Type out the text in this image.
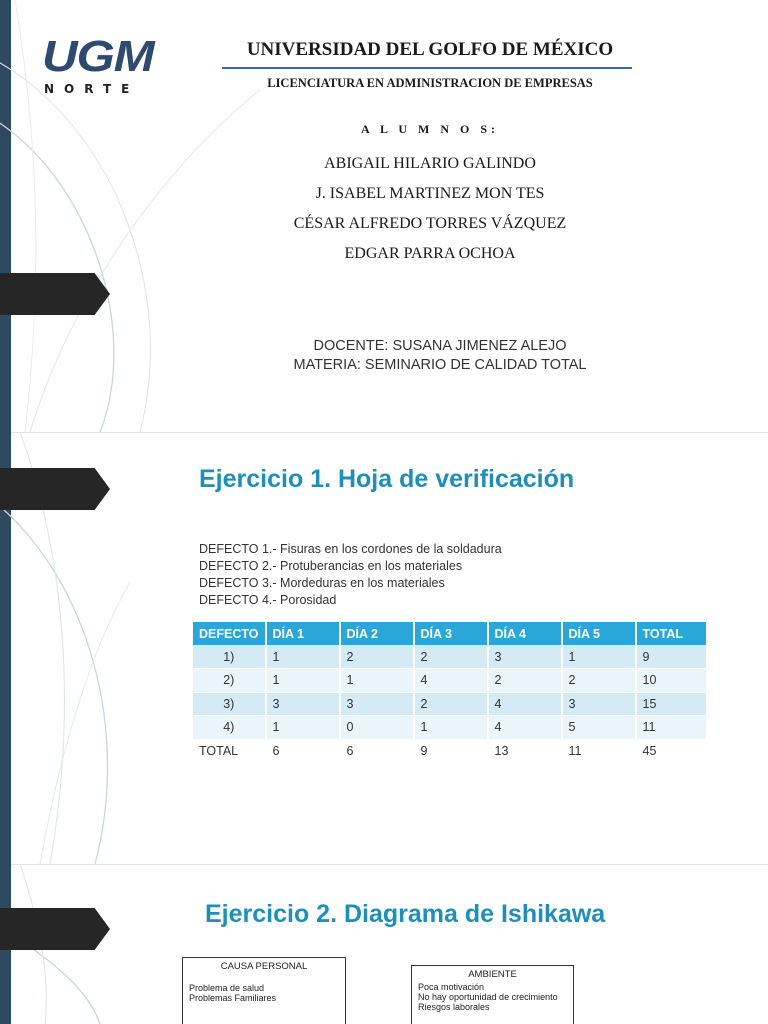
UGM
NORTE
UNIVERSIDAD DEL GOLFO DE MÉXICO
LICENCIATURA EN ADMINISTRACION DE EMPRESAS
A L U M N O S:
ABIGAIL HILARIO GALINDO
J. ISABEL MARTINEZ MON TES
CÉSAR ALFREDO TORRES VÁZQUEZ
EDGAR PARRA OCHOA
DOCENTE: SUSANA JIMENEZ ALEJO
MATERIA: SEMINARIO DE CALIDAD TOTAL
Ejercicio 1. Hoja de verificación
DEFECTO 1.- Fisuras en los cordones de la soldadura
DEFECTO 2.- Protuberancias en los materiales
DEFECTO 3.- Mordeduras en los materiales
DEFECTO 4.- Porosidad
DEFECTO	DÍA 1	DÍA 2	DÍA 3	DÍA 4	DÍA 5	TOTAL
1)	1	2	2	3	1	9
2)	1	1	4	2	2	10
3)	3	3	2	4	3	15
4)	1	0	1	4	5	11
TOTAL	6	6	9	13	11	45
Ejercicio 2. Diagrama de Ishikawa
CAUSA PERSONAL
Problema de salud
Problemas Familiares
AMBIENTE
Poca motivación
No hay oportunidad de crecimiento
Riesgos laborales
